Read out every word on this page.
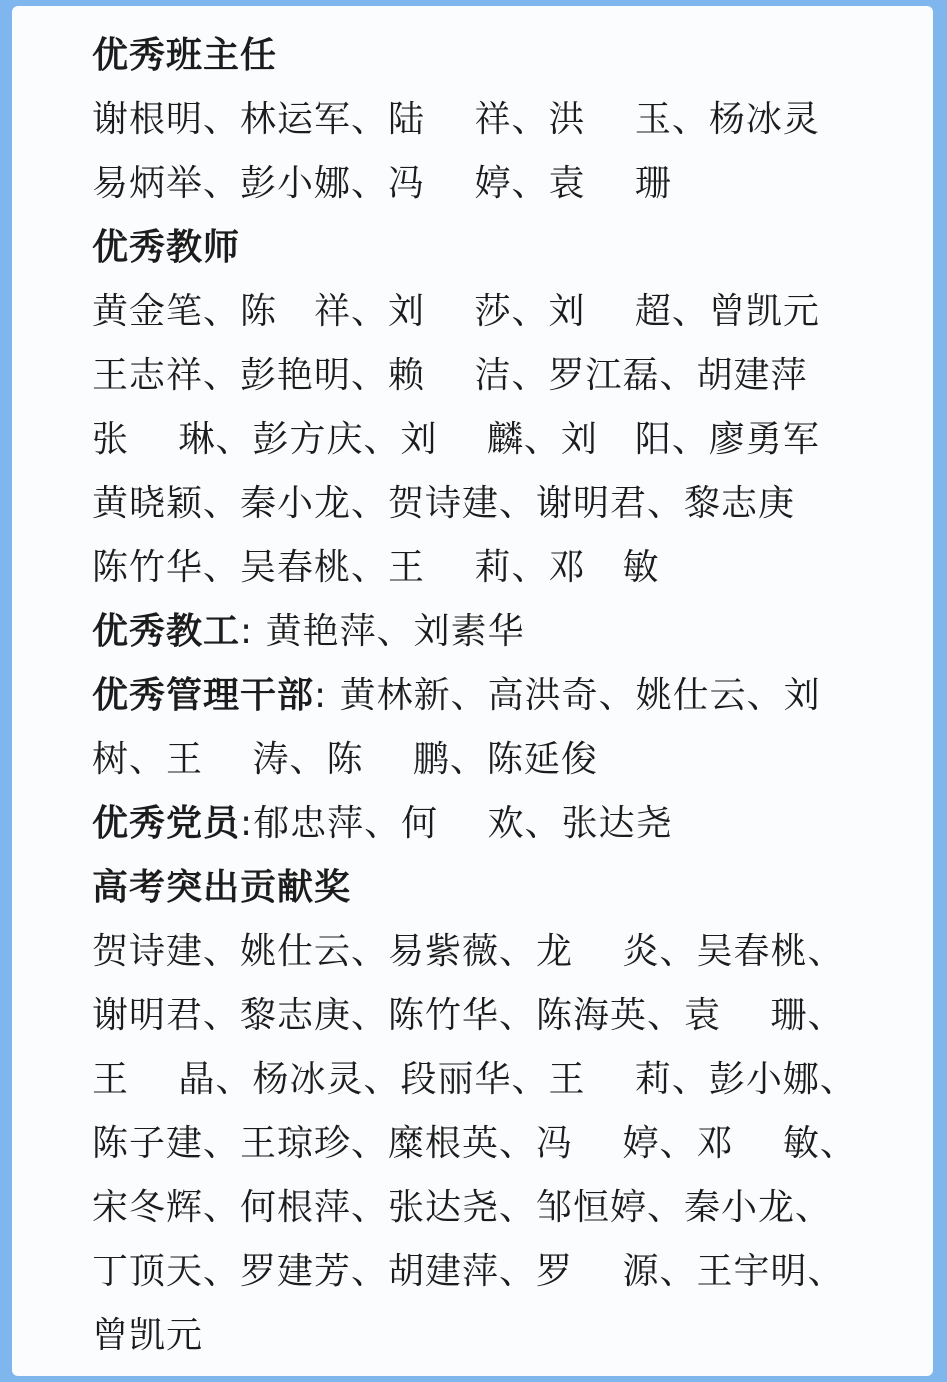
优秀班主任
谢根明、林运军、陆　 祥、洪　 玉、杨冰灵
易炳举、彭小娜、冯　 婷、袁　 珊
优秀教师
黄金笔、陈　祥、刘　 莎、刘　 超、曾凯元
王志祥、彭艳明、赖　 洁、罗江磊、胡建萍
张　 琳、彭方庆、刘　 麟、刘　阳、廖勇军
黄晓颖、秦小龙、贺诗建、谢明君、黎志庚
陈竹华、吴春桃、王　 莉、邓　敏
优秀教工: 黄艳萍、刘素华
优秀管理干部: 黄林新、高洪奇、姚仕云、刘
树、王　 涛、陈　 鹏、陈延俊
优秀党员:郁忠萍、何　 欢、张达尧
高考突出贡献奖
贺诗建、姚仕云、易紫薇、龙　 炎、吴春桃、
谢明君、黎志庚、陈竹华、陈海英、袁　 珊、
王　 晶、杨冰灵、段丽华、王　 莉、彭小娜、
陈子建、王琼珍、糜根英、冯　 婷、邓　 敏、
宋冬辉、何根萍、张达尧、邹恒婷、秦小龙、
丁顶天、罗建芳、胡建萍、罗　 源、王宇明、
曾凯元
